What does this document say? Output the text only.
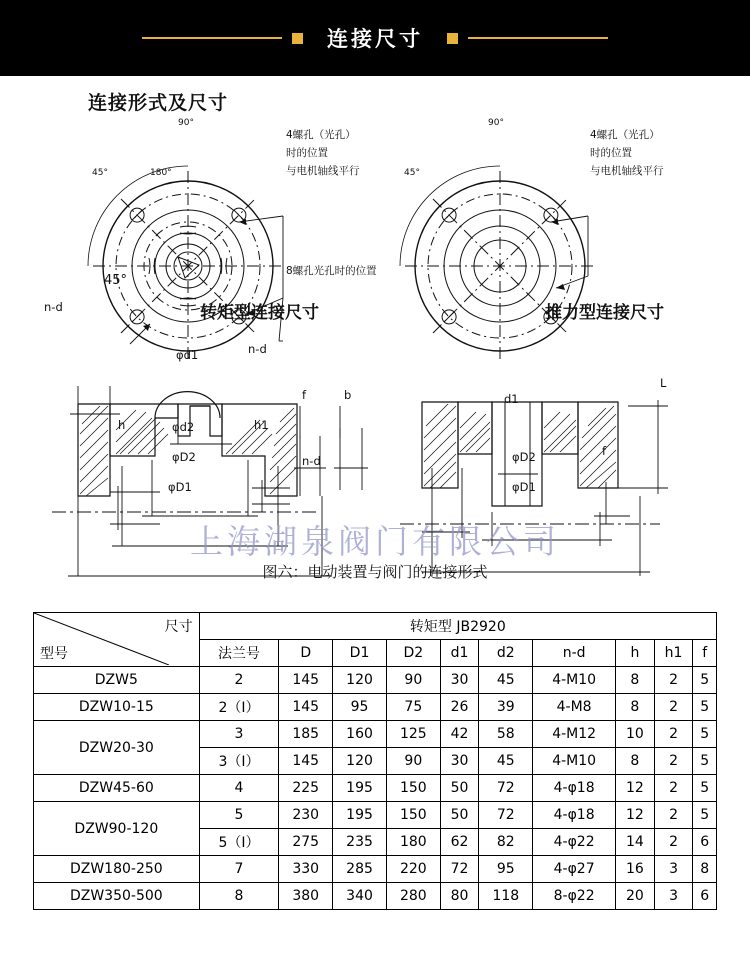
连接尺寸
连接形式及尺寸
90°
45°	180°	45°
90°
45°
4螺孔（光孔）
时的位置
与电机轴线平行
8螺孔光孔时的位置
4螺孔（光孔）
时的位置
与电机轴线平行
转矩型连接尺寸	推力型连接尺寸
n-d
n-d
φd1
φd2
φD2
φD1
h	h1
f	b	d1
n-d	φD2
φD1
f
L
上海湖泉阀门有限公司
图六：电动装置与阀门的连接形式
尺寸
型号	转矩型 JB2920									
	法兰号	D	D1	D2	d1	d2	n-d	h	h1	f
DZW5	2	145	120	90	30	45	4-M10	8	2	5
DZW10-15	2（I）	145	95	75	26	39	4-M8	8	2	5
DZW20-30	3	185	160	125	42	58	4-M12	10	2	5
	3（I）	145	120	90	30	45	4-M10	8	2	5
DZW45-60	4	225	195	150	50	72	4-φ18	12	2	5
DZW90-120	5	230	195	150	50	72	4-φ18	12	2	5
	5（I）	275	235	180	62	82	4-φ22	14	2	6
DZW180-250	7	330	285	220	72	95	4-φ27	16	3	8
DZW350-500	8	380	340	280	80	118	8-φ22	20	3	6
